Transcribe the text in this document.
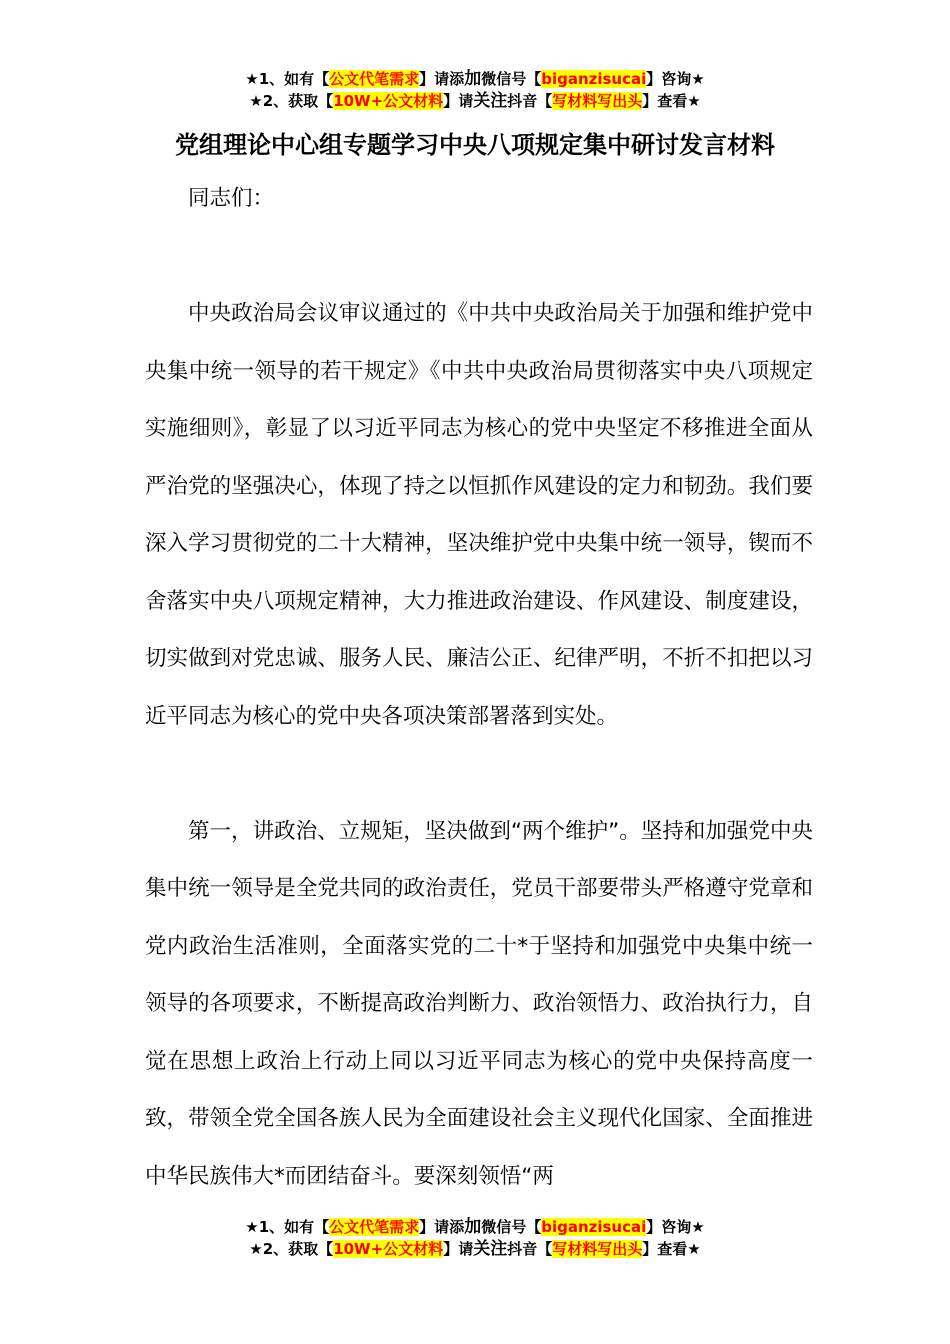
★1、如有【公文代笔需求】请添加微信号【biganzisucai】咨询★
★2、获取【10W+公文材料】请关注抖音【写材料写出头】查看★
党组理论中心组专题学习中央八项规定集中研讨发言材料

同志们：

中央政治局会议审议通过的《中共中央政治局关于加强和维护党中央集中统一领导的若干规定》《中共中央政治局贯彻落实中央八项规定实施细则》，彰显了以习近平同志为核心的党中央坚定不移推进全面从严治党的坚强决心，体现了持之以恒抓作风建设的定力和韧劲。我们要深入学习贯彻党的二十大精神，坚决维护党中央集中统一领导，锲而不舍落实中央八项规定精神，大力推进政治建设、作风建设、制度建设，切实做到对党忠诚、服务人民、廉洁公正、纪律严明，不折不扣把以习近平同志为核心的党中央各项决策部署落到实处。

第一，讲政治、立规矩，坚决做到“两个维护”。坚持和加强党中央集中统一领导是全党共同的政治责任，党员干部要带头严格遵守党章和党内政治生活准则，全面落实党的二十*于坚持和加强党中央集中统一领导的各项要求，不断提高政治判断力、政治领悟力、政治执行力，自觉在思想上政治上行动上同以习近平同志为核心的党中央保持高度一致，带领全党全国各族人民为全面建设社会主义现代化国家、全面推进中华民族伟大*而团结奋斗。要深刻领悟“两

★1、如有【公文代笔需求】请添加微信号【biganzisucai】咨询★
★2、获取【10W+公文材料】请关注抖音【写材料写出头】查看★
